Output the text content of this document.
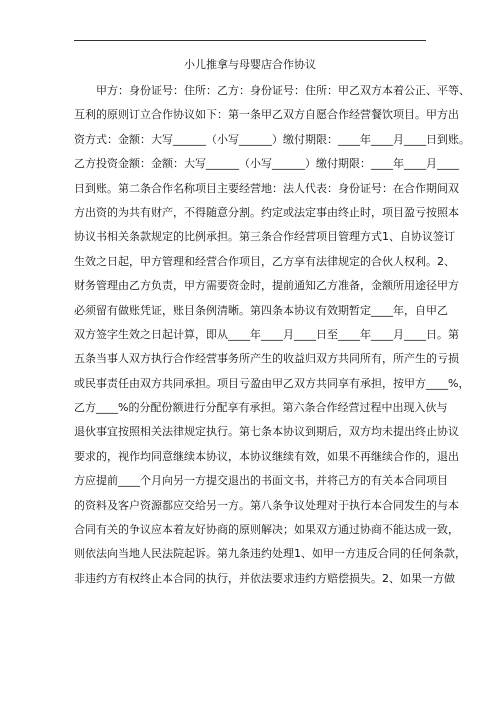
小儿推拿与母婴店合作协议
甲方：身份证号：住所：乙方：身份证号：住所：甲乙双方本着公正、平等、
互利的原则订立合作协议如下：第一条甲乙双方自愿合作经营餐饮项目。甲方出
资方式：金额：大写______（小写______）缴付期限：____年____月____日到账。
乙方投资金额：金额：大写______（小写______）缴付期限：____年____月____
日到账。第二条合作名称项目主要经营地：法人代表：身份证号：在合作期间双
方出资的为共有财产，不得随意分割。约定或法定事由终止时，项目盈亏按照本
协议书相关条款规定的比例承担。第三条合作经营项目管理方式1、自协议签订
生效之日起，甲方管理和经营合作项目，乙方享有法律规定的合伙人权利。2、
财务管理由乙方负责，甲方需要资金时，提前通知乙方准备，金额所用途径甲方
必须留有做账凭证，账目条例清晰。第四条本协议有效期暂定____年，自甲乙
双方签字生效之日起计算，即从____年____月____日至____年____月____日。第
五条当事人双方执行合作经营事务所产生的收益归双方共同所有，所产生的亏损
或民事责任由双方共同承担。项目亏盈由甲乙双方共同享有承担，按甲方____%，
乙方____%的分配份额进行分配享有承担。第六条合作经营过程中出现入伙与
退伙事宜按照相关法律规定执行。第七条本协议到期后，双方均未提出终止协议
要求的，视作均同意继续本协议，本协议继续有效，如果不再继续合作的，退出
方应提前____个月向另一方提交退出的书面文书，并将己方的有关本合同项目
的资料及客户资源都应交给另一方。第八条争议处理对于执行本合同发生的与本
合同有关的争议应本着友好协商的原则解决；如果双方通过协商不能达成一致，
则依法向当地人民法院起诉。第九条违约处理1、如甲一方违反合同的任何条款，
非违约方有权终止本合同的执行，并依法要求违约方赔偿损失。2、如果一方做
